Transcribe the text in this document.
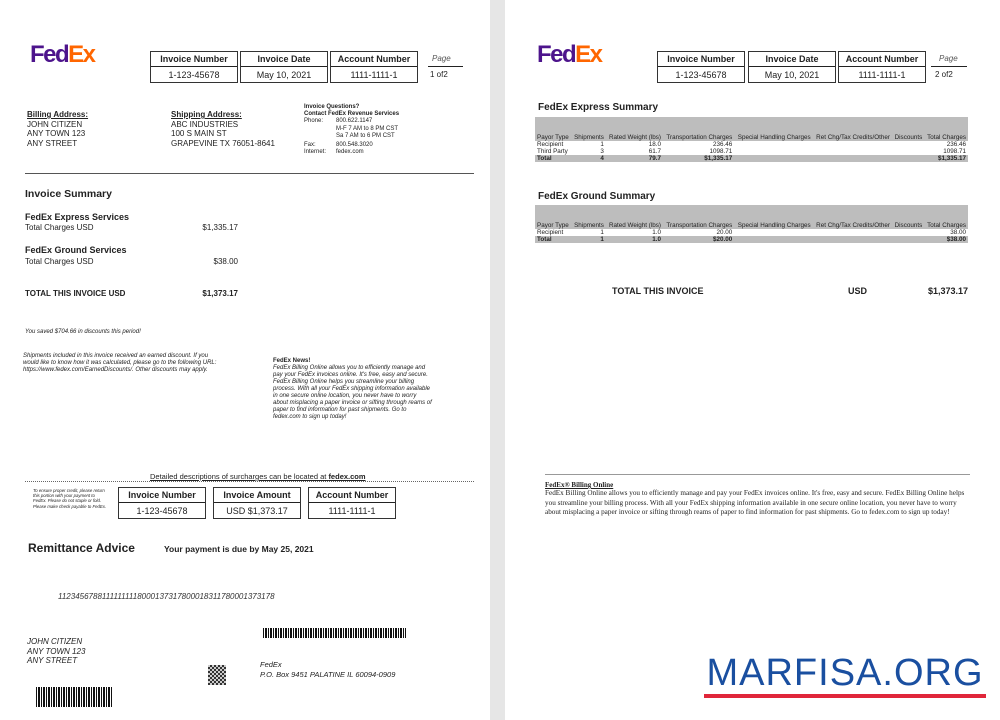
FedEx	Invoice Number
1-123-45678
Invoice Date
May 10, 2021
Account Number
1111-1111-1
Page
1 of2
Billing Address:
JOHN CITIZEN
ANY TOWN 123
ANY STREET
Shipping Address:
ABC INDUSTRIES
100 S MAIN ST
GRAPEVINE TX 76051-8641
Invoice Questions?
Contact FedEx Revenue Services
Phone:	800.622.1147
M-F 7 AM to 8 PM CST
Sa 7 AM to 6 PM CST
Fax:	800.548.3020
Internet:	fedex.com
Invoice Summary
FedEx Express Services
Total Charges USD	$1,335.17
FedEx Ground Services
Total Charges USD	$38.00
TOTAL THIS INVOICE USD	$1,373.17
You saved $704.66 in discounts this period!
Shipments included in this invoice received an earned discount. If you would like to know how it was calculated, please go to the following URL: https://www.fedex.com/EarnedDiscounts/. Other discounts may apply.
FedEx News!
FedEx Billing Online allows you to efficiently manage and pay your FedEx invoices online. It's free, easy and secure. FedEx Billing Online helps you streamline your billing process. With all your FedEx shipping information available in one secure online location, you never have to worry about misplacing a paper invoice or sifting through reams of paper to find information for past shipments. Go to fedex.com to sign up today!
Detailed descriptions of surcharges can be located at fedex.com
To ensure proper credit, please return this portion with your payment to FedEx. Please do not staple or fold. Please make check payable to FedEx.
Invoice Number
1-123-45678
Invoice Amount
USD $1,373.17
Account Number
1111-1111-1
Remittance Advice	Your payment is due by May 25, 2021
11234567881111111118000137317800018311780001373178
JOHN CITIZEN
ANY TOWN 123
ANY STREET	FedEx
P.O. Box 9451 PALATINE IL 60094-0909
FedEx	Invoice Number
1-123-45678
Invoice Date
May 10, 2021
Account Number
1111-1111-1
Page
2 of2
FedEx Express Summary
Payor Type	Shipments	Rated Weight (lbs)	Transportation Charges	Special Handling Charges	Ret Chg/Tax Credits/Other	Discounts	Total Charges
Recipient	1	18.0	236.46				236.46
Third Party	3	61.7	1098.71				1098.71
Total	4	79.7	$1,335.17				$1,335.17
FedEx Ground Summary
Payor Type	Shipments	Rated Weight (lbs)	Transportation Charges	Special Handling Charges	Ret Chg/Tax Credits/Other	Discounts	Total Charges
Recipient	1	1.0	20.00				38.00
Total	1	1.0	$20.00				$38.00
TOTAL THIS INVOICE	USD	$1,373.17
FedEx® Billing Online
FedEx Billing Online allows you to efficiently manage and pay your FedEx invoices online. It's free, easy and secure. FedEx Billing Online helps you streamline your billing process. With all your FedEx shipping information available in one secure online location, you never have to worry about misplacing a paper invoice or sifting through reams of paper to find information for past shipments. Go to fedex.com to sign up today!
MARFISA.ORG
